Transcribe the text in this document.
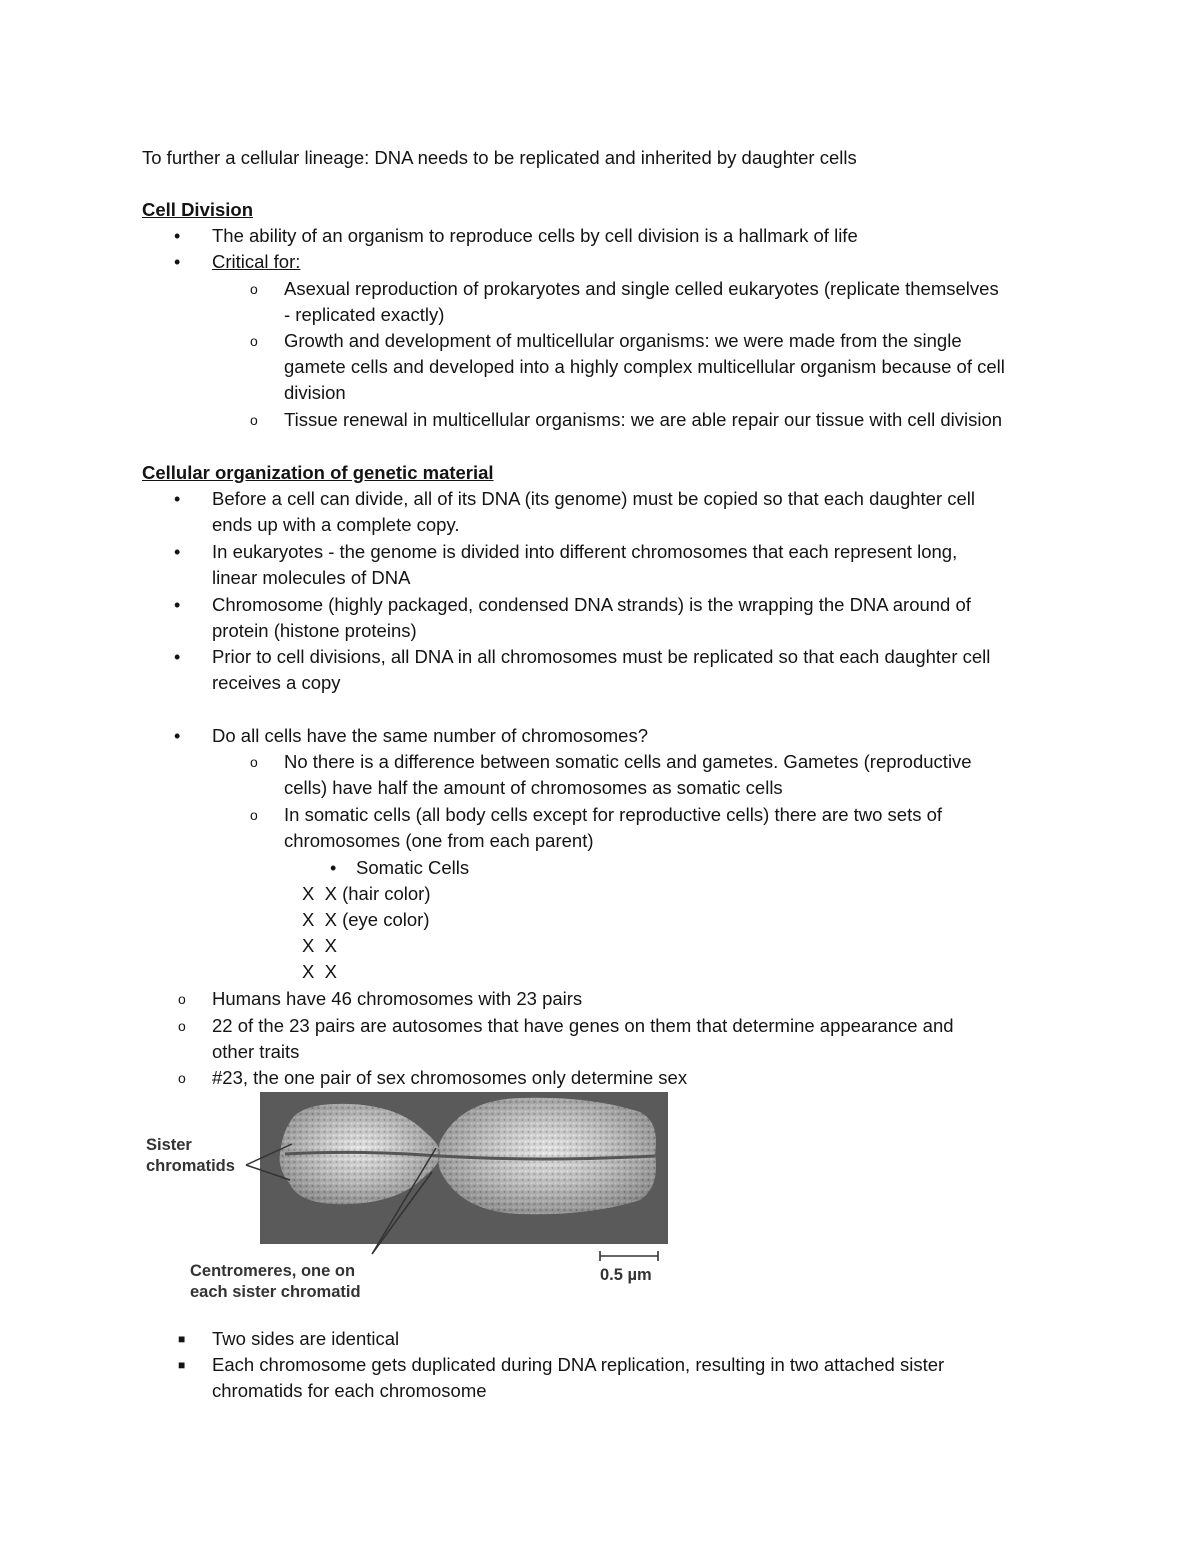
To further a cellular lineage: DNA needs to be replicated and inherited by daughter cells
Cell Division
• The ability of an organism to reproduce cells by cell division is a hallmark of life
• Critical for:
o Asexual reproduction of prokaryotes and single celled eukaryotes (replicate themselves
- replicated exactly)
o Growth and development of multicellular organisms: we were made from the single
gamete cells and developed into a highly complex multicellular organism because of cell
division
o Tissue renewal in multicellular organisms: we are able repair our tissue with cell division
Cellular organization of genetic material
• Before a cell can divide, all of its DNA (its genome) must be copied so that each daughter cell
ends up with a complete copy.
• In eukaryotes - the genome is divided into different chromosomes that each represent long,
linear molecules of DNA
• Chromosome (highly packaged, condensed DNA strands) is the wrapping the DNA around of
protein (histone proteins)
• Prior to cell divisions, all DNA in all chromosomes must be replicated so that each daughter cell
receives a copy
• Do all cells have the same number of chromosomes?
o No there is a difference between somatic cells and gametes. Gametes (reproductive
cells) have half the amount of chromosomes as somatic cells
o In somatic cells (all body cells except for reproductive cells) there are two sets of
chromosomes (one from each parent)
• Somatic Cells
X  X (hair color)
X  X (eye color)
X  X
X  X
o Humans have 46 chromosomes with 23 pairs
o 22 of the 23 pairs are autosomes that have genes on them that determine appearance and
other traits
o #23, the one pair of sex chromosomes only determine sex
Sister
chromatids
Centromeres, one on
each sister chromatid
0.5 µm
■ Two sides are identical
■ Each chromosome gets duplicated during DNA replication, resulting in two attached sister
chromatids for each chromosome
